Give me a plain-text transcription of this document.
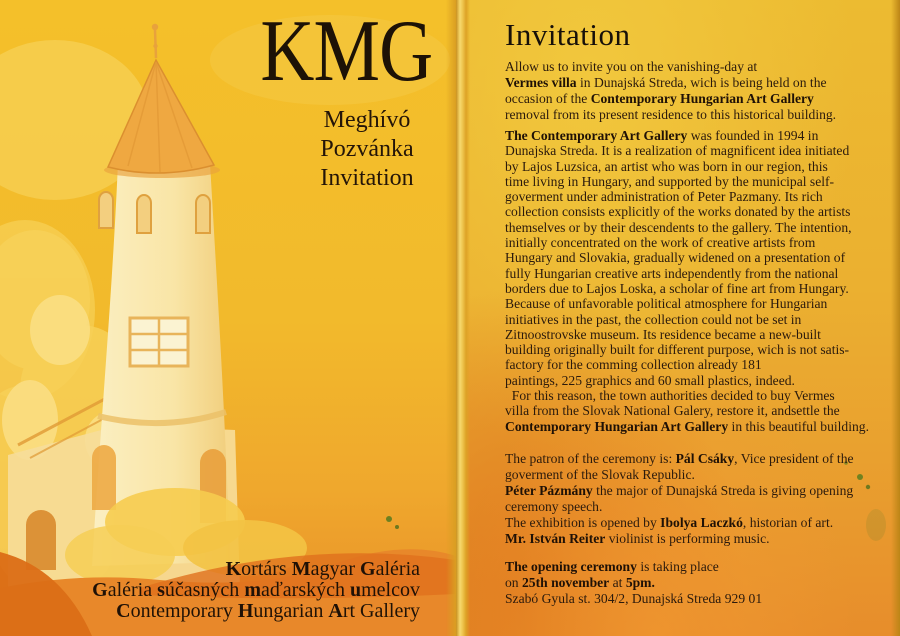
KMG
Meghívó
Pozvánka
Invitation
Kortárs Magyar Galéria
Galéria súčasných maďarských umelcov
Contemporary Hungarian Art Gallery
Invitation
Allow us to invite you on the vanishing-day at
Vermes villa in Dunajská Streda, wich is being held on the
occasion of the Contemporary Hungarian Art Gallery
removal from its present residence to this historical building.
The Contemporary Art Gallery was founded in 1994 in
Dunajska Streda. It is a realization of magnificent idea initiated
by Lajos Luzsica, an artist who was born in our region, this
time living in Hungary, and supported by the municipal self-
goverment under administration of Peter Pazmany. Its rich
collection consists explicitly of the works donated by the artists
themselves or by their descendents to the gallery. The intention,
initially concentrated on the work of creative artists from
Hungary and Slovakia, gradually widened on a presentation of
fully Hungarian creative arts independently from the national
borders due to Lajos Loska, a scholar of fine art from Hungary.
Because of unfavorable political atmosphere for Hungarian
initiatives in the past, the collection could not be set in
Zitnoostrovske museum. Its residence became a new-built
building originally built for different purpose, wich is not satis-
factory for the comming collection already 181
paintings, 225 graphics and 60 small plastics, indeed.
For this reason, the town authorities decided to buy Vermes
villa from the Slovak National Galery, restore it, andsettle the
Contemporary Hungarian Art Gallery in this beautiful building.
The patron of the ceremony is: Pál Csáky, Vice president of the
goverment of the Slovak Republic.
Péter Pázmány the major of Dunajská Streda is giving opening
ceremony speech.
The exhibition is opened by Ibolya Laczkó, historian of art.
Mr. István Reiter violinist is performing music.
The opening ceremony is taking place
on 25th november at 5pm.
Szabó Gyula st. 304/2, Dunajská Streda 929 01
